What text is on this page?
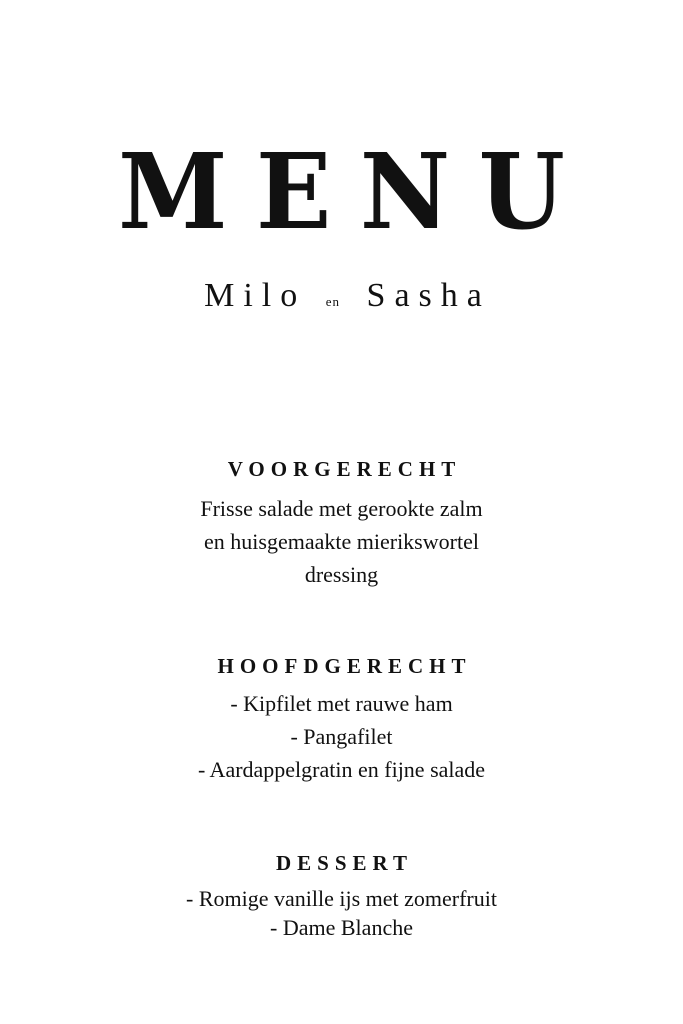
MENU
Milo en Sasha
VOORGERECHT
Frisse salade met gerookte zalm
en huisgemaakte mierikswortel
dressing
HOOFDGERECHT
- Kipfilet met rauwe ham
- Pangafilet
- Aardappelgratin en fijne salade
DESSERT
- Romige vanille ijs met zomerfruit
- Dame Blanche
